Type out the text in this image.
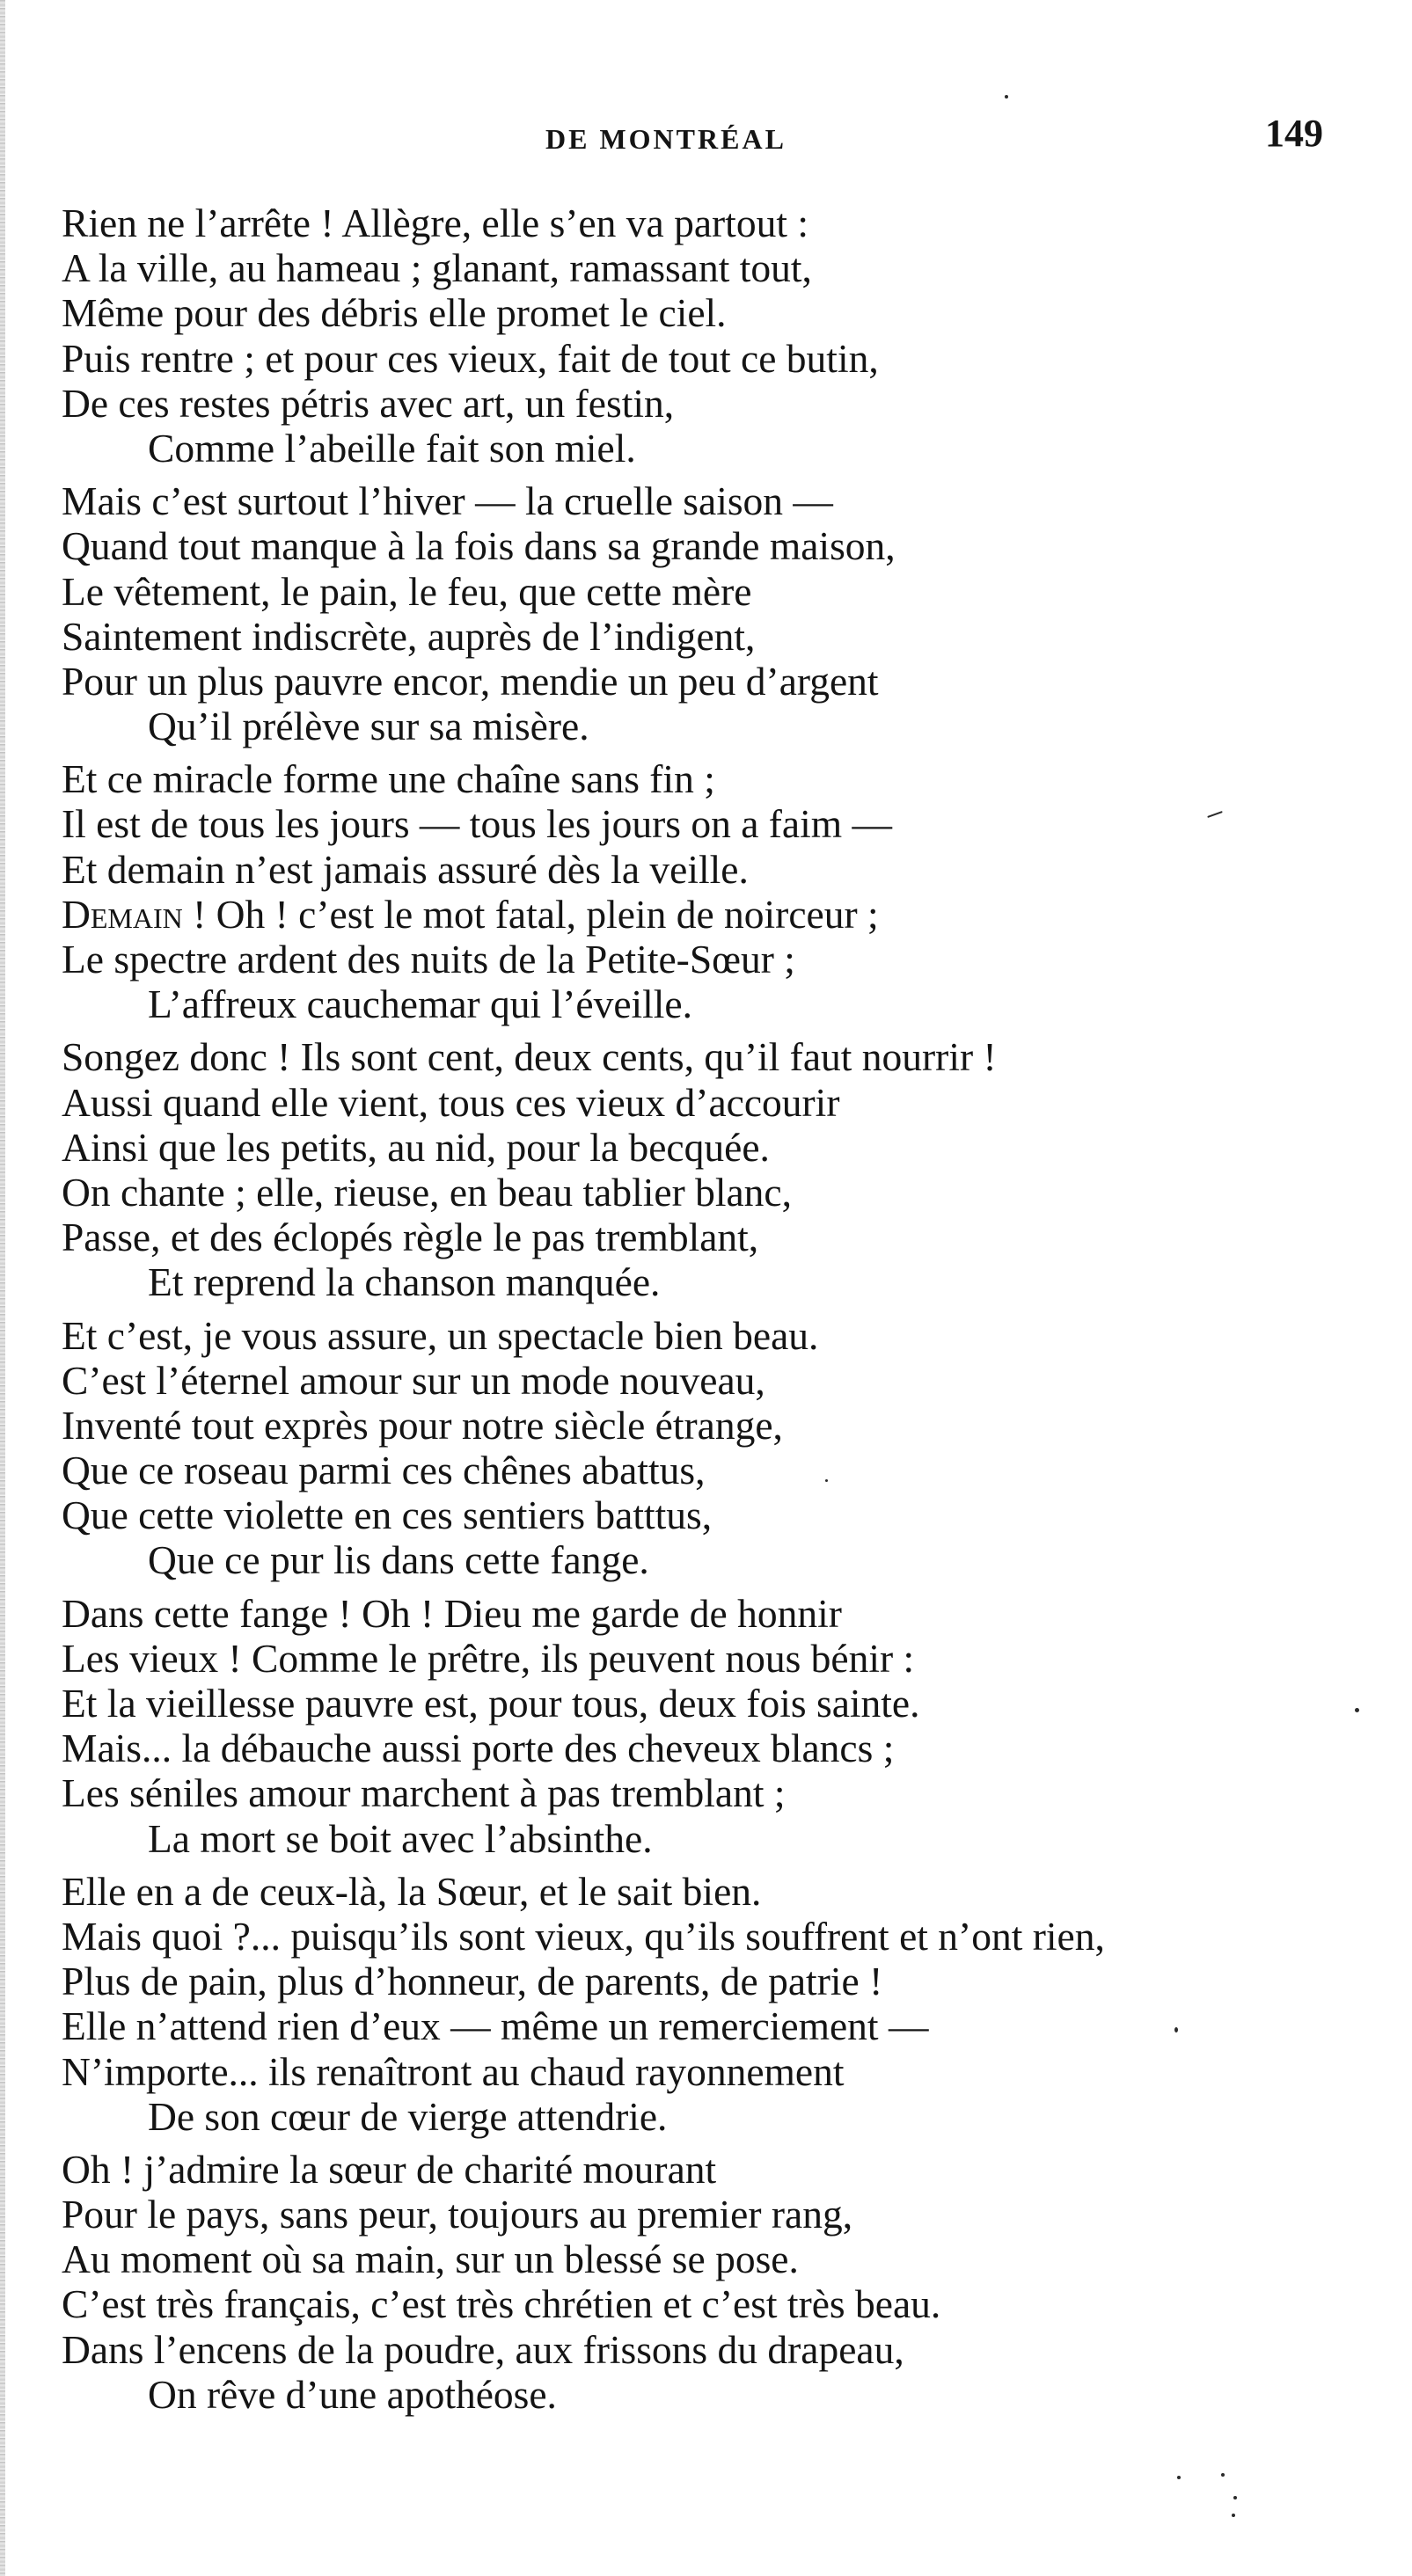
DE MONTRÉAL	149
Rien ne l’arrête ! Allègre, elle s’en va partout :
A la ville, au hameau ; glanant, ramassant tout,
Même pour des débris elle promet le ciel.
Puis rentre ; et pour ces vieux, fait de tout ce butin,
De ces restes pétris avec art, un festin,
Comme l’abeille fait son miel.
Mais c’est surtout l’hiver — la cruelle saison —
Quand tout manque à la fois dans sa grande maison,
Le vêtement, le pain, le feu, que cette mère
Saintement indiscrète, auprès de l’indigent,
Pour un plus pauvre encor, mendie un peu d’argent
Qu’il prélève sur sa misère.
Et ce miracle forme une chaîne sans fin ;
Il est de tous les jours — tous les jours on a faim —
Et demain n’est jamais assuré dès la veille.
Demain ! Oh ! c’est le mot fatal, plein de noirceur ;
Le spectre ardent des nuits de la Petite-Sœur ;
L’affreux cauchemar qui l’éveille.
Songez donc ! Ils sont cent, deux cents, qu’il faut nourrir !
Aussi quand elle vient, tous ces vieux d’accourir
Ainsi que les petits, au nid, pour la becquée.
On chante ; elle, rieuse, en beau tablier blanc,
Passe, et des éclopés règle le pas tremblant,
Et reprend la chanson manquée.
Et c’est, je vous assure, un spectacle bien beau.
C’est l’éternel amour sur un mode nouveau,
Inventé tout exprès pour notre siècle étrange,
Que ce roseau parmi ces chênes abattus,
Que cette violette en ces sentiers batttus,
Que ce pur lis dans cette fange.
Dans cette fange ! Oh ! Dieu me garde de honnir
Les vieux ! Comme le prêtre, ils peuvent nous bénir :
Et la vieillesse pauvre est, pour tous, deux fois sainte.
Mais... la débauche aussi porte des cheveux blancs ;
Les séniles amour marchent à pas tremblant ;
La mort se boit avec l’absinthe.
Elle en a de ceux-là, la Sœur, et le sait bien.
Mais quoi ?... puisqu’ils sont vieux, qu’ils souffrent et n’ont rien,
Plus de pain, plus d’honneur, de parents, de patrie !
Elle n’attend rien d’eux — même un remerciement —
N’importe... ils renaîtront au chaud rayonnement
De son cœur de vierge attendrie.
Oh ! j’admire la sœur de charité mourant
Pour le pays, sans peur, toujours au premier rang,
Au moment où sa main, sur un blessé se pose.
C’est très français, c’est très chrétien et c’est très beau.
Dans l’encens de la poudre, aux frissons du drapeau,
On rêve d’une apothéose.
